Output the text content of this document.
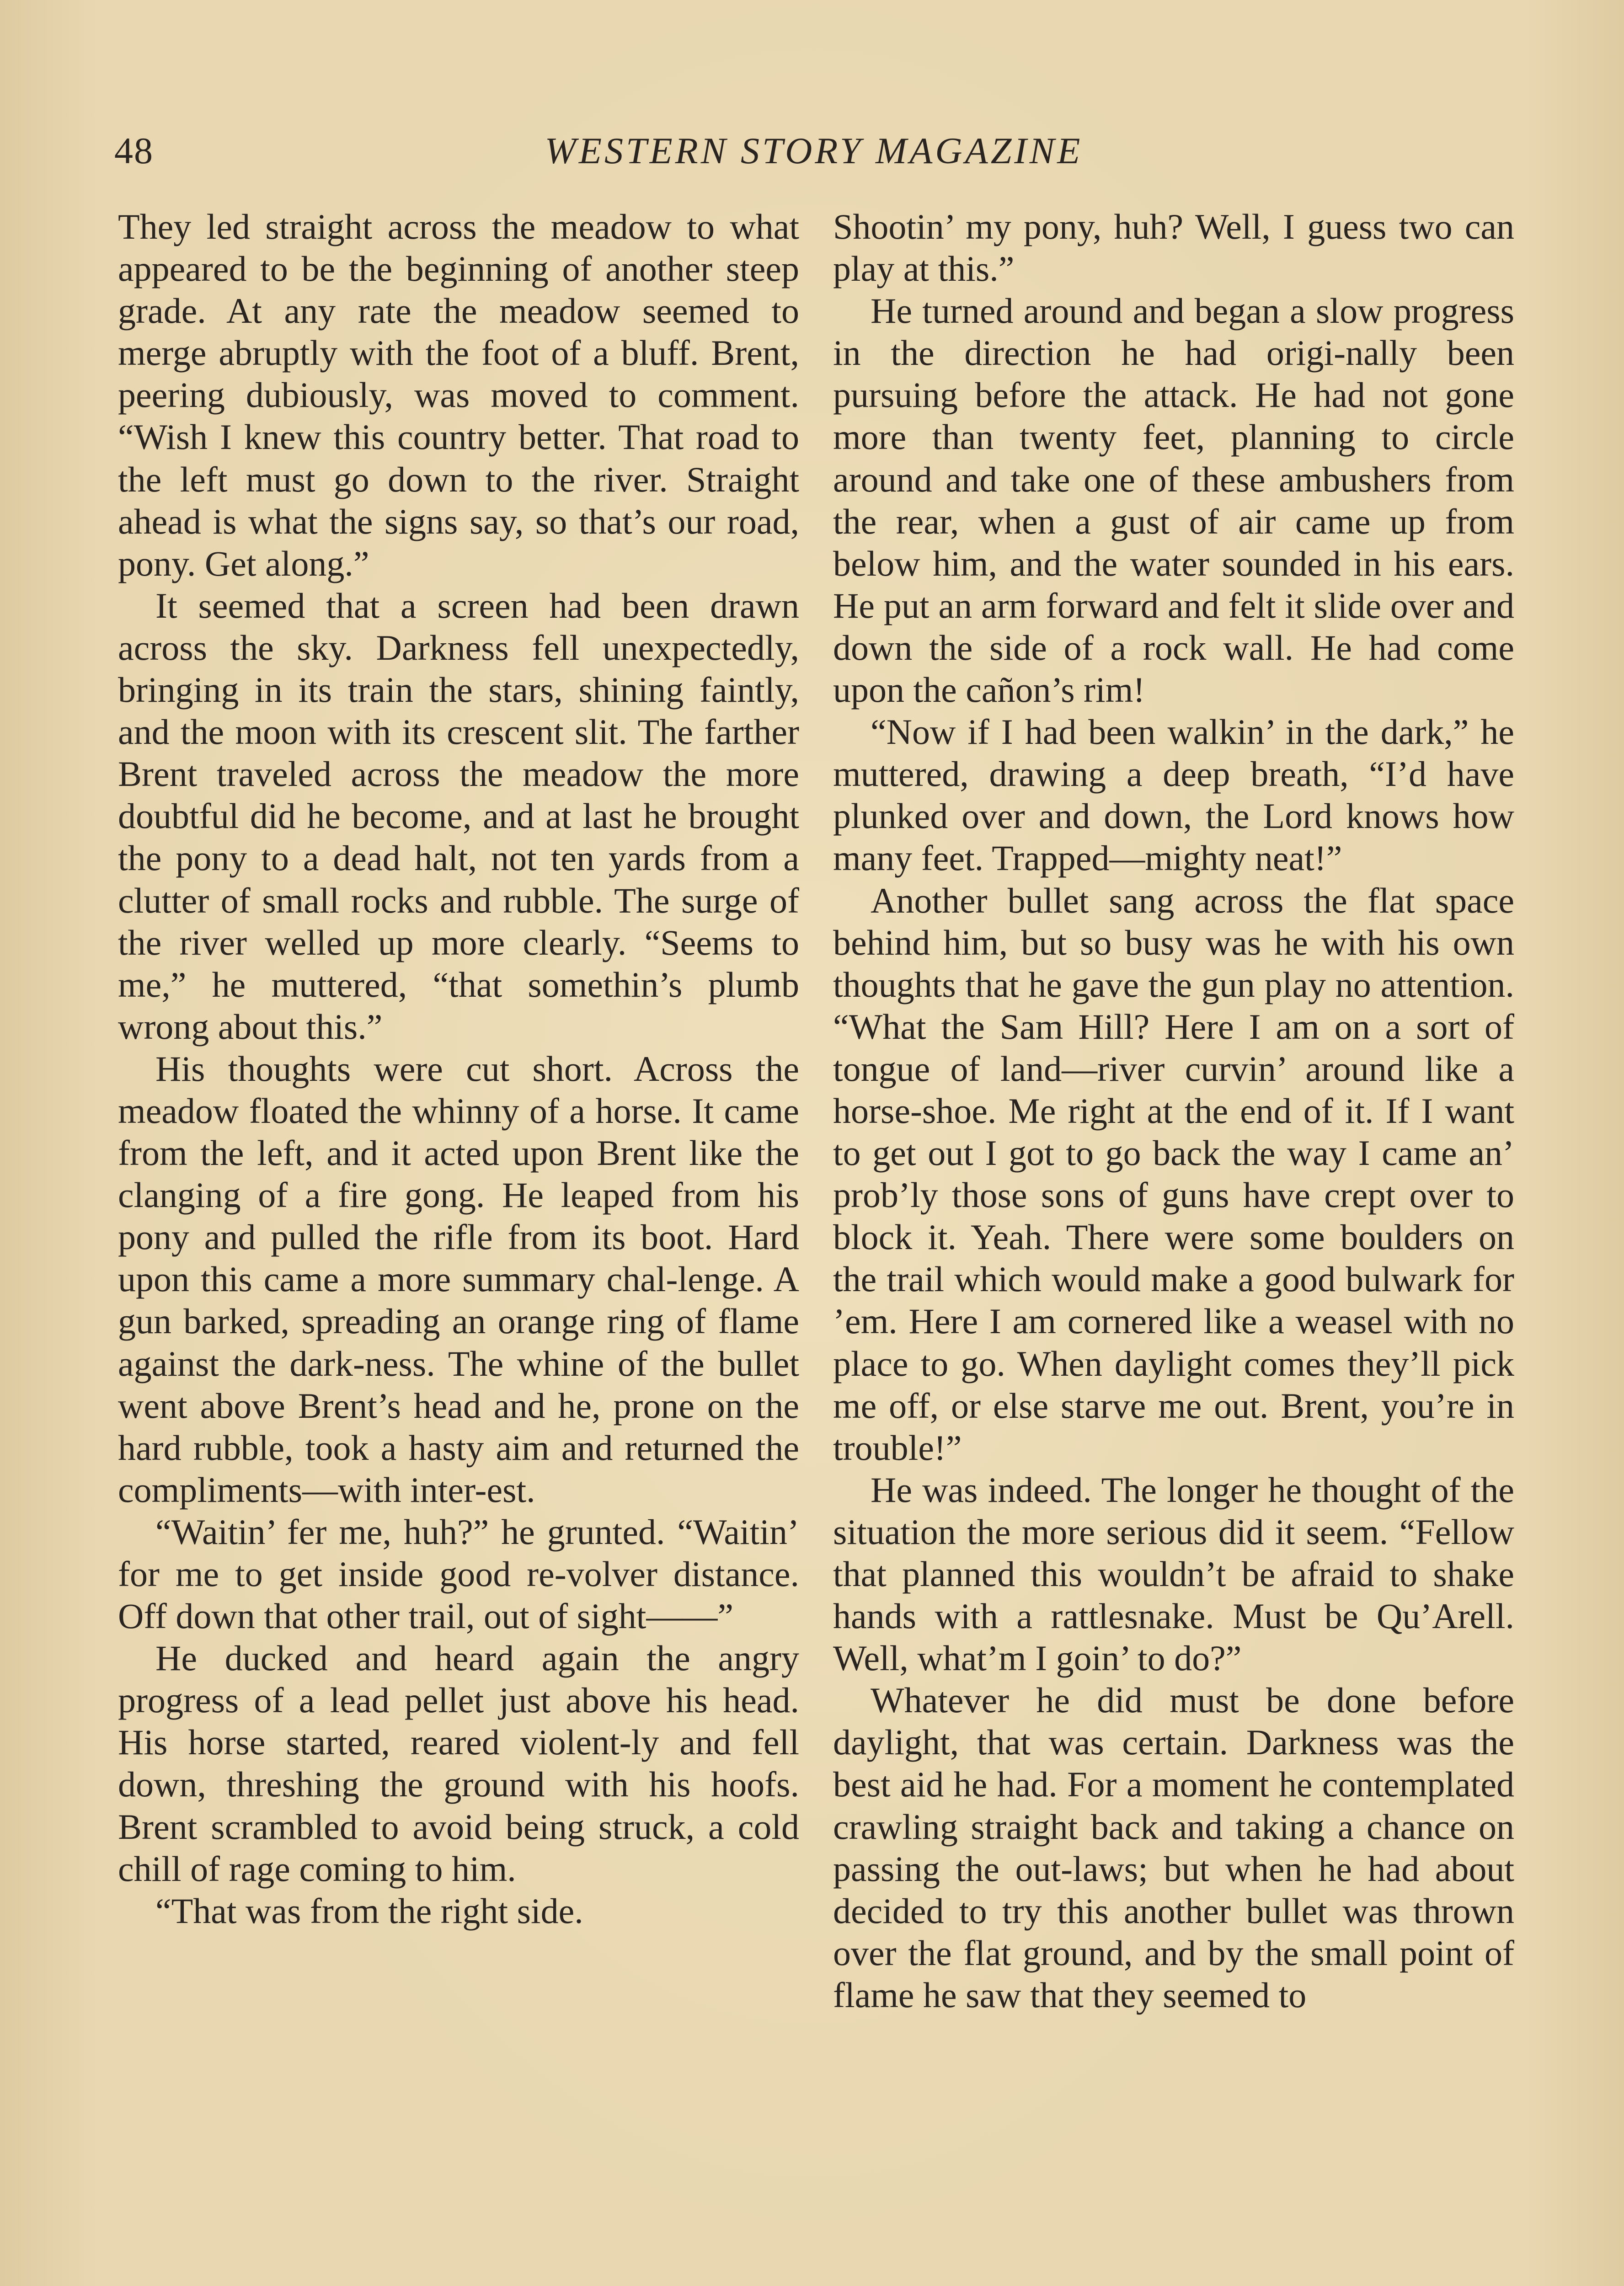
48	WESTERN STORY MAGAZINE

They led straight across the meadow to what appeared to be the beginning of another steep grade. At any rate the meadow seemed to merge abruptly with the foot of a bluff. Brent, peering dubiously, was moved to comment. “Wish I knew this country better. That road to the left must go down to the river. Straight ahead is what the signs say, so that’s our road, pony. Get along.”

It seemed that a screen had been drawn across the sky. Darkness fell unexpectedly, bringing in its train the stars, shining faintly, and the moon with its crescent slit. The farther Brent traveled across the meadow the more doubtful did he become, and at last he brought the pony to a dead halt, not ten yards from a clutter of small rocks and rubble. The surge of the river welled up more clearly. “Seems to me,” he muttered, “that somethin’s plumb wrong about this.”

His thoughts were cut short. Across the meadow floated the whinny of a horse. It came from the left, and it acted upon Brent like the clanging of a fire gong. He leaped from his pony and pulled the rifle from its boot. Hard upon this came a more summary chal-lenge. A gun barked, spreading an orange ring of flame against the dark-ness. The whine of the bullet went above Brent’s head and he, prone on the hard rubble, took a hasty aim and returned the compliments—with inter-est.

“Waitin’ fer me, huh?” he grunted. “Waitin’ for me to get inside good re-volver distance. Off down that other trail, out of sight——”

He ducked and heard again the angry progress of a lead pellet just above his head. His horse started, reared violent-ly and fell down, threshing the ground with his hoofs. Brent scrambled to avoid being struck, a cold chill of rage coming to him.

“That was from the right side.

Shootin’ my pony, huh? Well, I guess two can play at this.”

He turned around and began a slow progress in the direction he had origi-nally been pursuing before the attack. He had not gone more than twenty feet, planning to circle around and take one of these ambushers from the rear, when a gust of air came up from below him, and the water sounded in his ears. He put an arm forward and felt it slide over and down the side of a rock wall. He had come upon the cañon’s rim!

“Now if I had been walkin’ in the dark,” he muttered, drawing a deep breath, “I’d have plunked over and down, the Lord knows how many feet. Trapped—mighty neat!”

Another bullet sang across the flat space behind him, but so busy was he with his own thoughts that he gave the gun play no attention. “What the Sam Hill? Here I am on a sort of tongue of land—river curvin’ around like a horse-shoe. Me right at the end of it. If I want to get out I got to go back the way I came an’ prob’ly those sons of guns have crept over to block it. Yeah. There were some boulders on the trail which would make a good bulwark for ’em. Here I am cornered like a weasel with no place to go. When daylight comes they’ll pick me off, or else starve me out. Brent, you’re in trouble!”

He was indeed. The longer he thought of the situation the more serious did it seem. “Fellow that planned this wouldn’t be afraid to shake hands with a rattlesnake. Must be Qu’Arell. Well, what’m I goin’ to do?”

Whatever he did must be done before daylight, that was certain. Darkness was the best aid he had. For a moment he contemplated crawling straight back and taking a chance on passing the out-laws; but when he had about decided to try this another bullet was thrown over the flat ground, and by the small point of flame he saw that they seemed to
